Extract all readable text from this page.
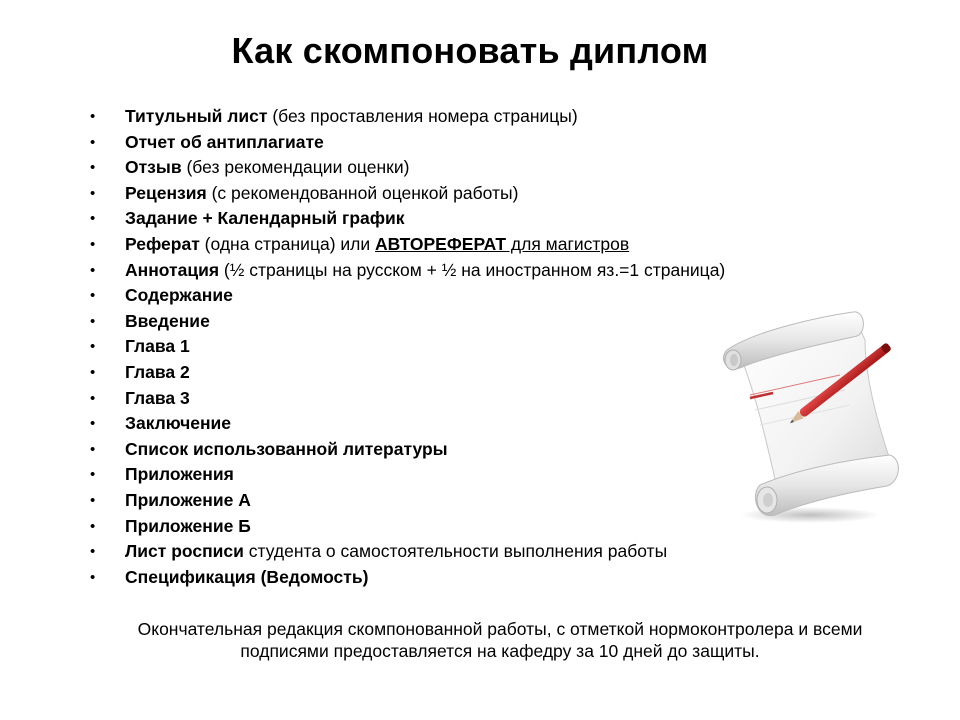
Как скомпоновать диплом
• Титульный лист (без проставления номера страницы)
• Отчет об антиплагиате
• Отзыв (без рекомендации оценки)
• Рецензия (с рекомендованной оценкой работы)
• Задание + Календарный график
• Реферат (одна страница) или АВТОРЕФЕРАТ для магистров
• Аннотация (½ страницы на русском + ½ на иностранном яз.=1 страница)
• Содержание
• Введение
• Глава 1
• Глава 2
• Глава 3
• Заключение
• Список использованной литературы
• Приложения
• Приложение А
• Приложение Б
• Лист росписи студента о самостоятельности выполнения работы
• Спецификация (Ведомость)

Окончательная редакция скомпонованной работы, с отметкой нормоконтролера и всеми
подписями предоставляется на кафедру за 10 дней до защиты.
